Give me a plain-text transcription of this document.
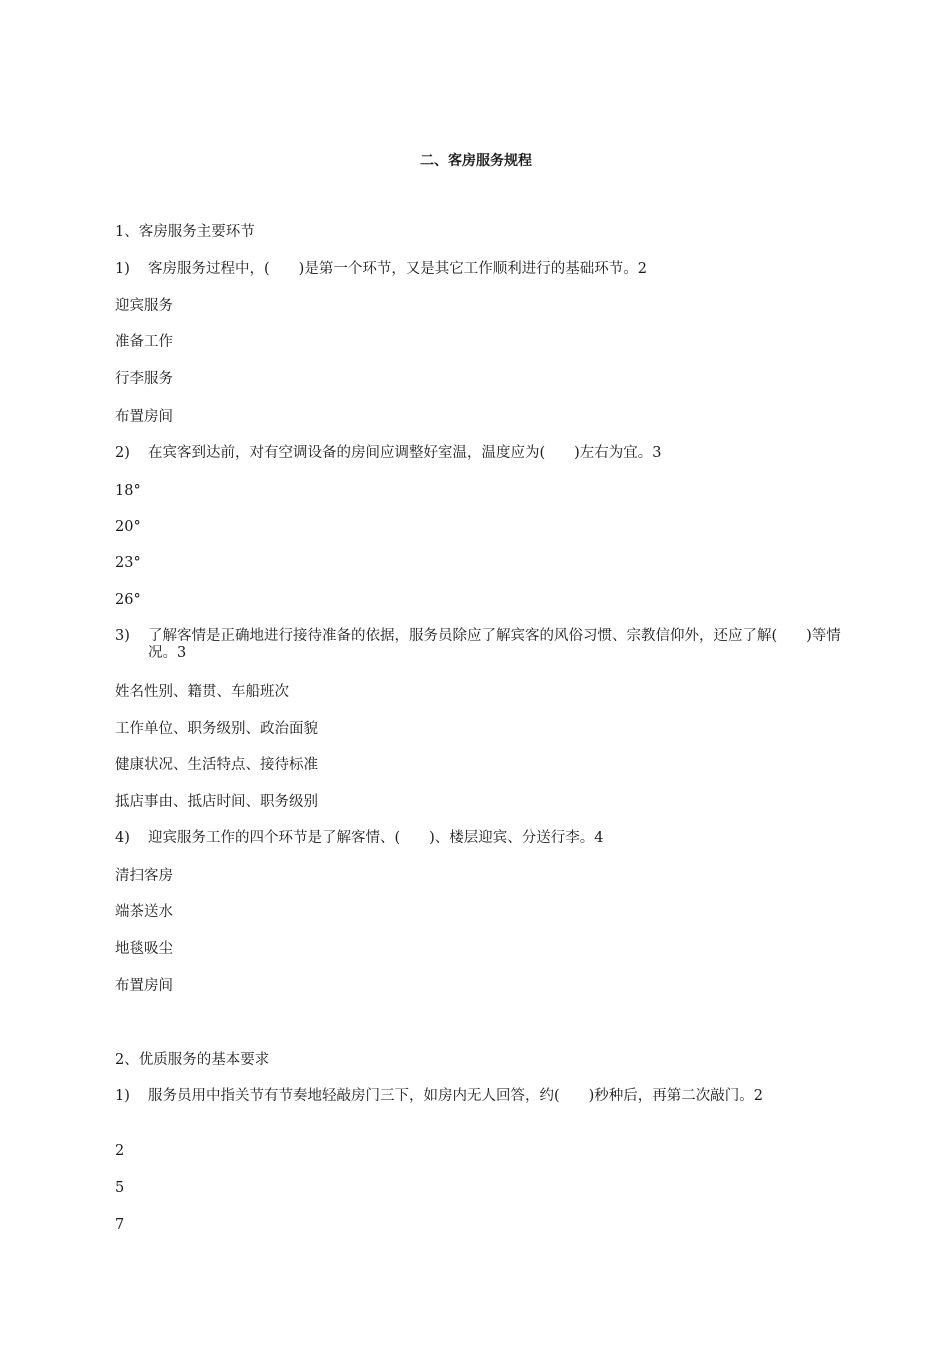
二、客房服务规程
1、客房服务主要环节
1)	客房服务过程中，(　　)是第一个环节，又是其它工作顺利进行的基础环节。2
迎宾服务
准备工作
行李服务
布置房间
2)	在宾客到达前，对有空调设备的房间应调整好室温，温度应为(　　)左右为宜。3
18°
20°
23°
26°
3)	了解客情是正确地进行接待准备的依据，服务员除应了解宾客的风俗习惯、宗教信仰外，还应了解(　　)等情况。3
姓名性别、籍贯、车船班次
工作单位、职务级别、政治面貌
健康状况、生活特点、接待标准
抵店事由、抵店时间、职务级别
4)	迎宾服务工作的四个环节是了解客情、(　　)、楼层迎宾、分送行李。4
清扫客房
端茶送水
地毯吸尘
布置房间
2、优质服务的基本要求
1)	服务员用中指关节有节奏地轻敲房门三下，如房内无人回答，约(　　)秒种后，再第二次敲门。2
2
5
7
